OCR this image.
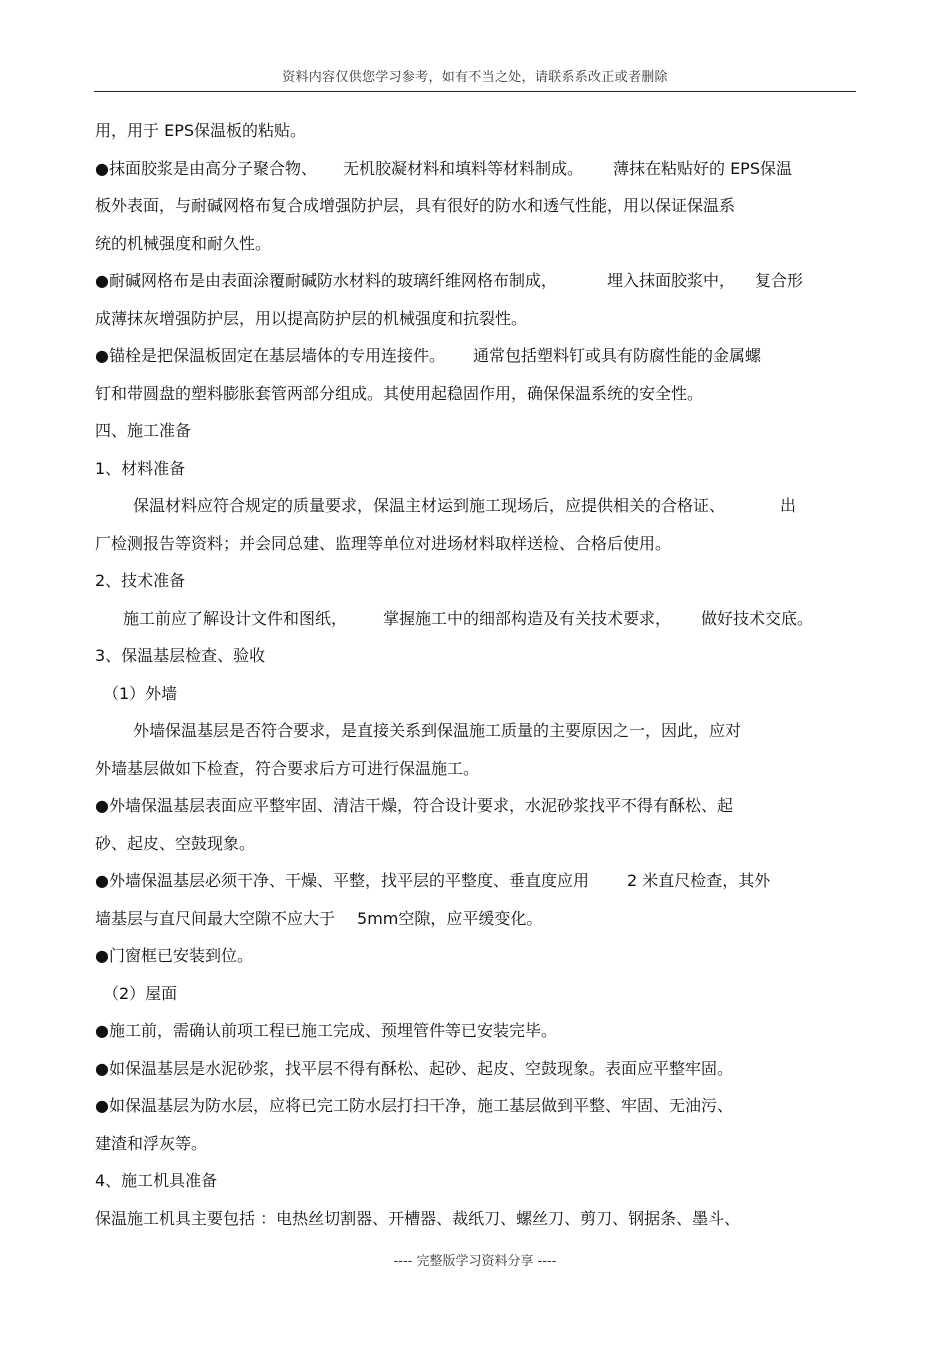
资料内容仅供您学习参考，如有不当之处，请联系系改正或者删除
用，用于 EPS保温板的粘贴。
●抹面胶浆是由高分子聚合物、 无机胶凝材料和填料等材料制成。 薄抹在粘贴好的 EPS保温
板外表面，与耐碱网格布复合成增强防护层，具有很好的防水和透气性能，用以保证保温系
统的机械强度和耐久性。
●耐碱网格布是由表面涂覆耐碱防水材料的玻璃纤维网格布制成，	埋入抹面胶浆中， 复合形
成薄抹灰增强防护层，用以提高防护层的机械强度和抗裂性。
●锚栓是把保温板固定在基层墙体的专用连接件。 通常包括塑料钉或具有防腐性能的金属螺
钉和带圆盘的塑料膨胀套管两部分组成。其使用起稳固作用，确保保温系统的安全性。
四、施工准备
1、材料准备
保温材料应符合规定的质量要求，保温主材运到施工现场后，应提供相关的合格证、	出
厂检测报告等资料；并会同总建、监理等单位对进场材料取样送检、合格后使用。
2、技术准备
施工前应了解设计文件和图纸， 掌握施工中的细部构造及有关技术要求， 做好技术交底。
3、保温基层检查、验收
（1）外墙
外墙保温基层是否符合要求，是直接关系到保温施工质量的主要原因之一，因此，应对
外墙基层做如下检查，符合要求后方可进行保温施工。
●外墙保温基层表面应平整牢固、清洁干燥，符合设计要求，水泥砂浆找平不得有酥松、起
砂、起皮、空鼓现象。
●外墙保温基层必须干净、干燥、平整，找平层的平整度、垂直度应用 2 米直尺检查，其外
墙基层与直尺间最大空隙不应大于 5mm空隙，应平缓变化。
●门窗框已安装到位。
（2）屋面
●施工前，需确认前项工程已施工完成、预埋管件等已安装完毕。
●如保温基层是水泥砂浆，找平层不得有酥松、起砂、起皮、空鼓现象。表面应平整牢固。
●如保温基层为防水层，应将已完工防水层打扫干净，施工基层做到平整、牢固、无油污、
建渣和浮灰等。
4、施工机具准备
保温施工机具主要包括 ：电热丝切割器、开槽器、裁纸刀、螺丝刀、剪刀、钢据条、墨斗、
---- 完整版学习资料分享 ----
